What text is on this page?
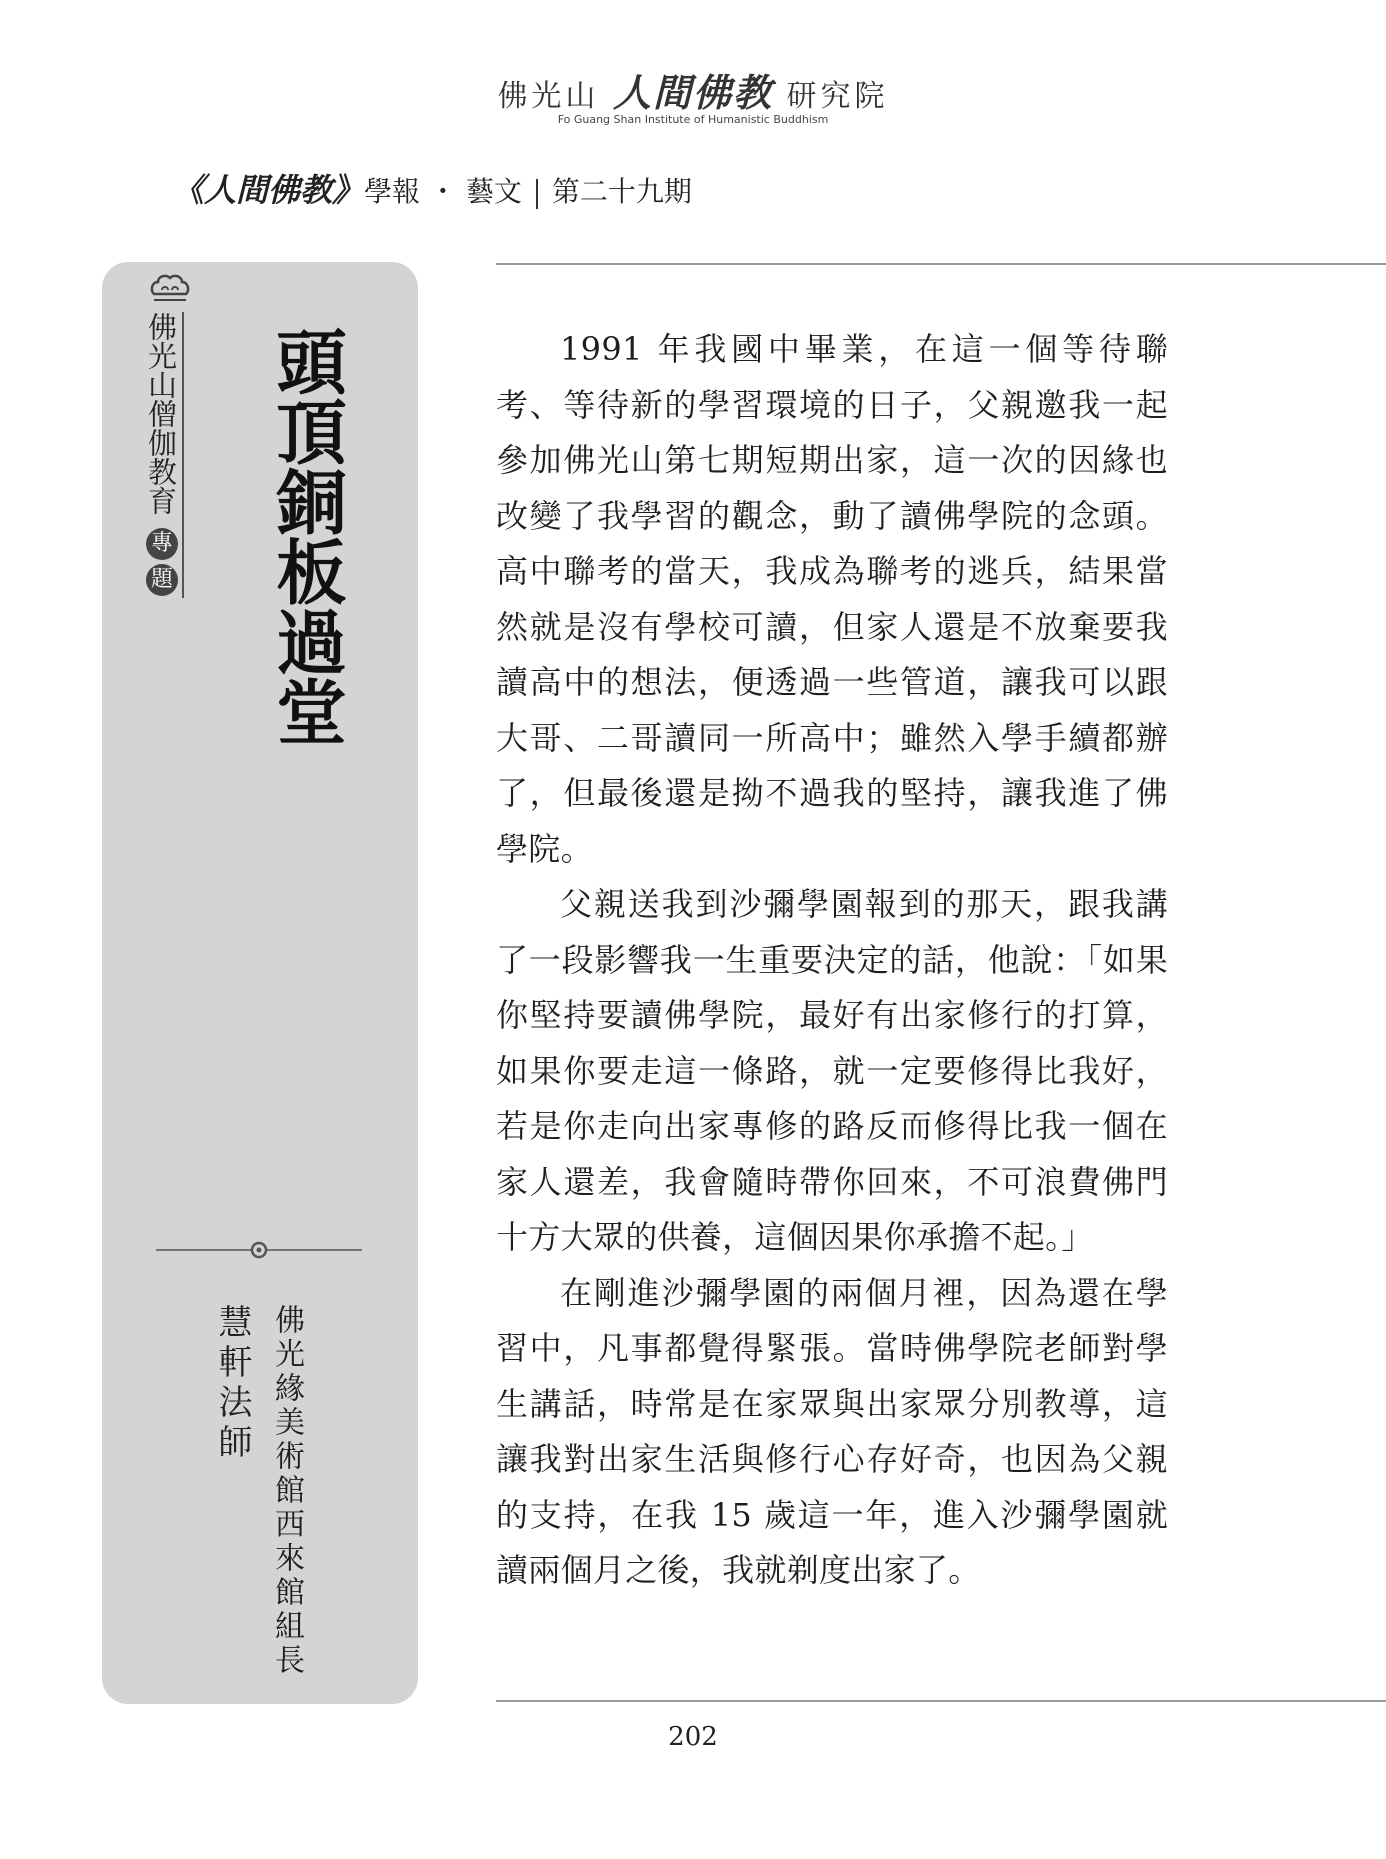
佛光山 人間佛教 研究院
Fo Guang Shan Institute of Humanistic Buddhism
《人間佛教》學報 ・ 藝文 第二十九期
佛光山僧伽教育
專
題 頭頂銅板過堂
佛光緣美術館西來館組長
慧軒法師

1991 年我國中畢業，在這一個等待聯考、等待新的學習環境的日子，父親邀我一起參加佛光山第七期短期出家，這一次的因緣也改變了我學習的觀念，動了讀佛學院的念頭。高中聯考的當天，我成為聯考的逃兵，結果當然就是沒有學校可讀，但家人還是不放棄要我讀高中的想法，便透過一些管道，讓我可以跟大哥、二哥讀同一所高中；雖然入學手續都辦了，但最後還是拗不過我的堅持，讓我進了佛學院。

父親送我到沙彌學園報到的那天，跟我講了一段影響我一生重要決定的話，他說：「如果你堅持要讀佛學院，最好有出家修行的打算，如果你要走這一條路，就一定要修得比我好，若是你走向出家專修的路反而修得比我一個在家人還差，我會隨時帶你回來，不可浪費佛門十方大眾的供養，這個因果你承擔不起。」

在剛進沙彌學園的兩個月裡，因為還在學習中，凡事都覺得緊張。當時佛學院老師對學生講話，時常是在家眾與出家眾分別教導，這讓我對出家生活與修行心存好奇，也因為父親的支持，在我 15 歲這一年，進入沙彌學園就讀兩個月之後，我就剃度出家了。

202
